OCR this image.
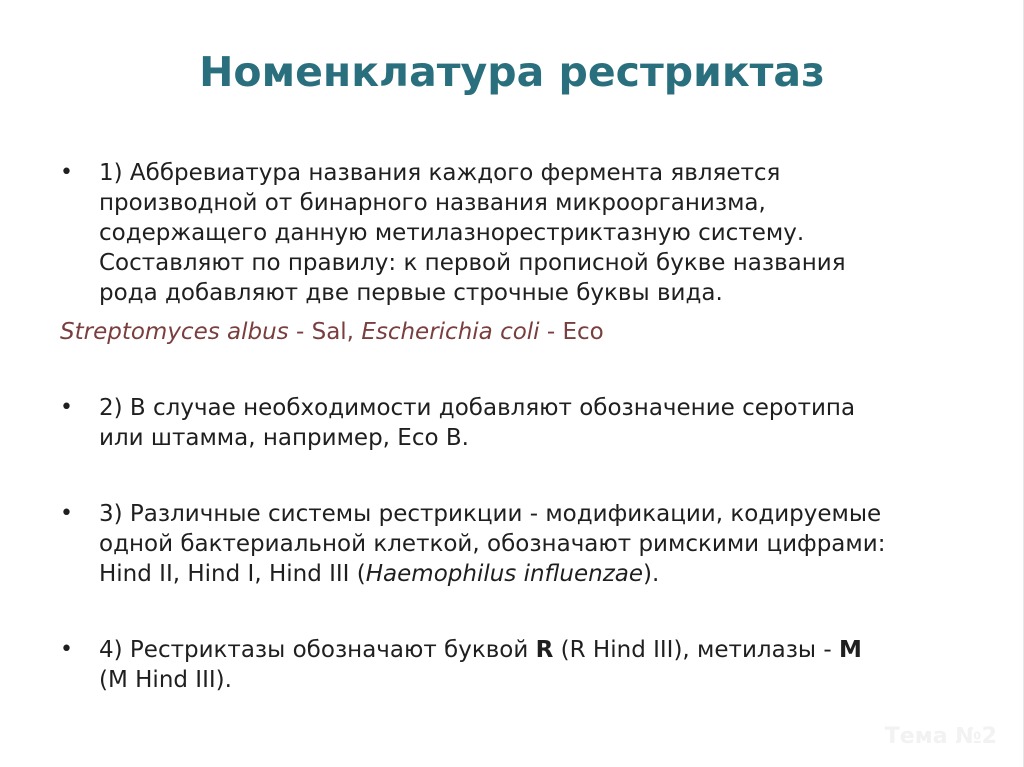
Номенклатура рестриктаз
•	1) Аббревиатура названия каждого фермента является
производной от бинарного названия микроорганизма,
содержащего данную метилазнорестриктазную систему.
Составляют по правилу: к первой прописной букве названия
рода добавляют две первые строчные буквы вида.
Streptomyces albus - Sal, Escherichia coli - Eco
•	2) В случае необходимости добавляют обозначение серотипа
или штамма, например, Eco B.
•	3) Различные системы рестрикции - модификации, кодируемые
одной бактериальной клеткой, обозначают римскими цифрами:
Hind II, Hind I, Hind III (Haemophilus influenzae).
•	4) Рестриктазы обозначают буквой R (R Hind III), метилазы - M
(M Hind III).
Тема №2
